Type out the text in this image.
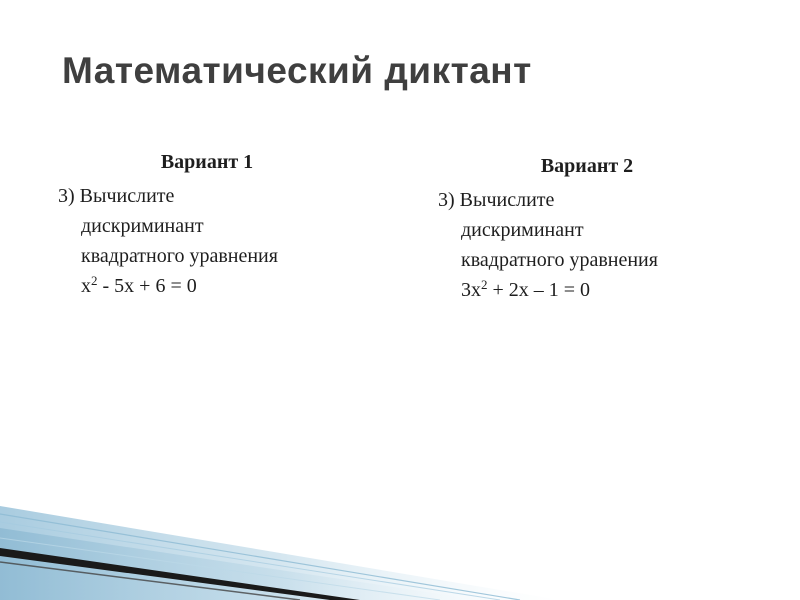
Математический диктант
Вариант 1
3) Вычислите
дискриминант
квадратного уравнения
$x^2 - 5x + 6 = 0$
Вариант 2
3) Вычислите
дискриминант
квадратного уравнения
$3x^2 + 2x - 1 = 0$
